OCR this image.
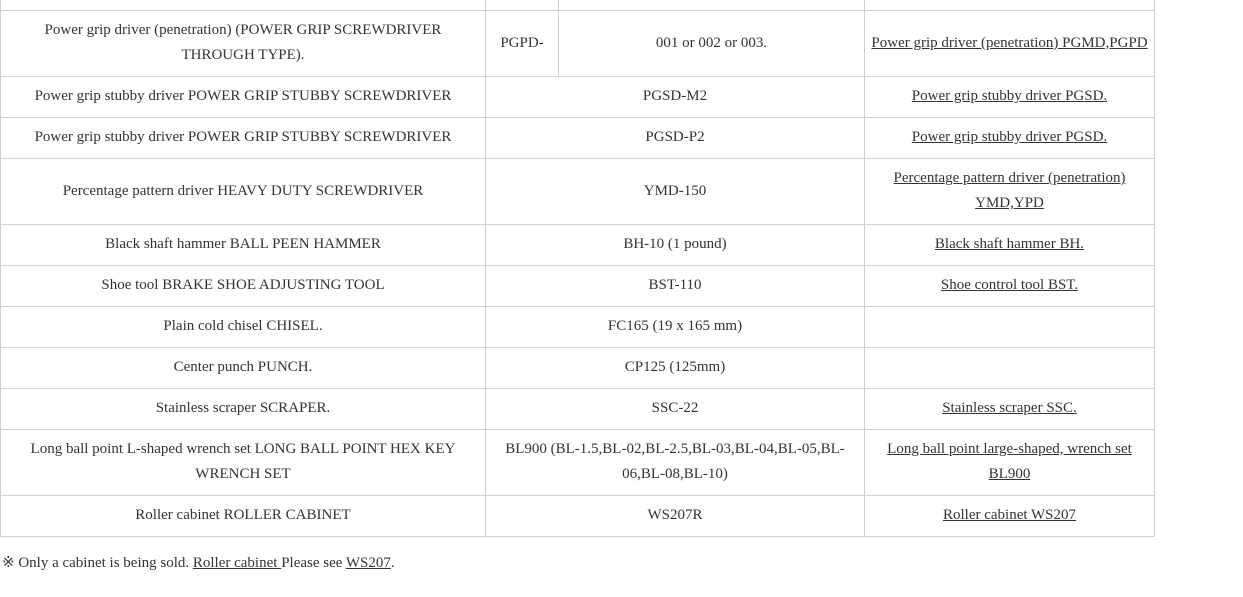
Power grip driver (penetration) (POWER GRIP SCREWDRIVER THROUGH TYPE).	PGPD-	001 or 002 or 003.	Power grip driver (penetration) PGMD,PGPD
Power grip stubby driver POWER GRIP STUBBY SCREWDRIVER	PGSD-M2		Power grip stubby driver PGSD.
Power grip stubby driver POWER GRIP STUBBY SCREWDRIVER	PGSD-P2		Power grip stubby driver PGSD.
Percentage pattern driver HEAVY DUTY SCREWDRIVER	YMD-150		Percentage pattern driver (penetration) YMD,YPD
Black shaft hammer BALL PEEN HAMMER	BH-10 (1 pound)		Black shaft hammer BH.
Shoe tool BRAKE SHOE ADJUSTING TOOL	BST-110		Shoe control tool BST.
Plain cold chisel CHISEL.	FC165 (19 x 165 mm)		
Center punch PUNCH.	CP125 (125mm)		
Stainless scraper SCRAPER.	SSC-22		Stainless scraper SSC.
Long ball point L-shaped wrench set LONG BALL POINT HEX KEY WRENCH SET	BL900 (BL-1.5,BL-02,BL-2.5,BL-03,BL-04,BL-05,BL-06,BL-08,BL-10)		Long ball point large-shaped, wrench set BL900
Roller cabinet ROLLER CABINET	WS207R		Roller cabinet WS207
※ Only a cabinet is being sold. Roller cabinet Please see WS207.
